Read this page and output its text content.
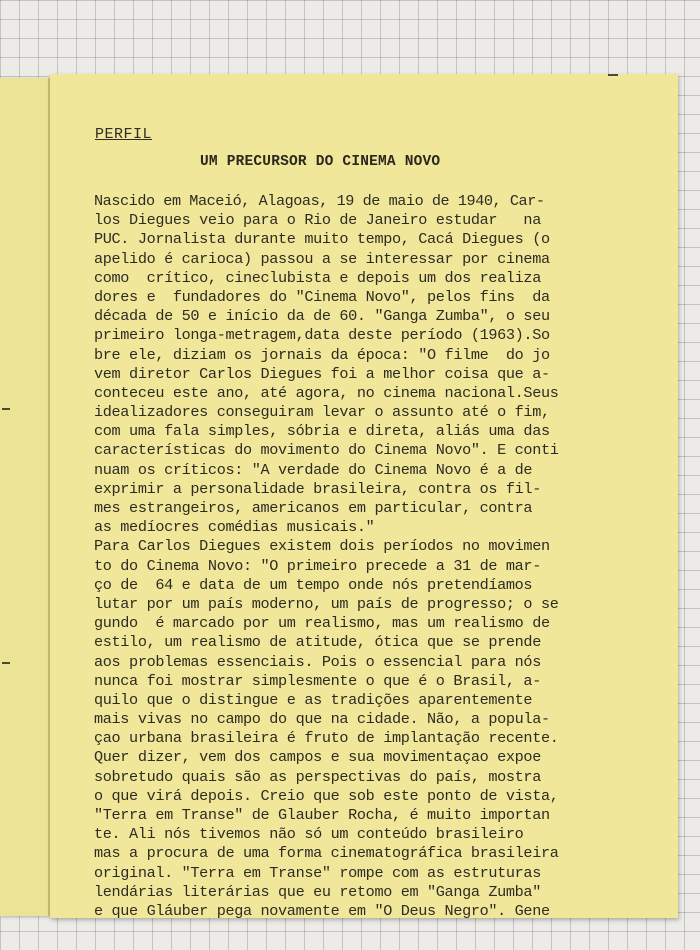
PERFIL
UM PRECURSOR DO CINEMA NOVO
Nascido em Maceió, Alagoas, 19 de maio de 1940, Car-
los Diegues veio para o Rio de Janeiro estudar   na
PUC. Jornalista durante muito tempo, Cacá Diegues (o
apelido é carioca) passou a se interessar por cinema
como  crítico, cineclubista e depois um dos realiza
dores e  fundadores do "Cinema Novo", pelos fins  da
década de 50 e início da de 60. "Ganga Zumba", o seu
primeiro longa-metragem,data deste período (1963).So
bre ele, diziam os jornais da época: "O filme  do jo
vem diretor Carlos Diegues foi a melhor coisa que a-
conteceu este ano, até agora, no cinema nacional.Seus
idealizadores conseguiram levar o assunto até o fim,
com uma fala simples, sóbria e direta, aliás uma das
características do movimento do Cinema Novo". E conti
nuam os críticos: "A verdade do Cinema Novo é a de
exprimir a personalidade brasileira, contra os fil-
mes estrangeiros, americanos em particular, contra
as medíocres comédias musicais."
Para Carlos Diegues existem dois períodos no movimen
to do Cinema Novo: "O primeiro precede a 31 de mar-
ço de  64 e data de um tempo onde nós pretendíamos
lutar por um país moderno, um país de progresso; o se
gundo  é marcado por um realismo, mas um realismo de
estilo, um realismo de atitude, ótica que se prende
aos problemas essenciais. Pois o essencial para nós
nunca foi mostrar simplesmente o que é o Brasil, a-
quilo que o distingue e as tradições aparentemente
mais vivas no campo do que na cidade. Não, a popula-
çao urbana brasileira é fruto de implantação recente.
Quer dizer, vem dos campos e sua movimentaçao expoe
sobretudo quais são as perspectivas do país, mostra
o que virá depois. Creio que sob este ponto de vista,
"Terra em Transe" de Glauber Rocha, é muito importan
te. Ali nós tivemos não só um conteúdo brasileiro
mas a procura de uma forma cinematográfica brasileira
original. "Terra em Transe" rompe com as estruturas
lendárias literárias que eu retomo em "Ganga Zumba"
e que Gláuber pega novamente em "O Deus Negro". Gene
